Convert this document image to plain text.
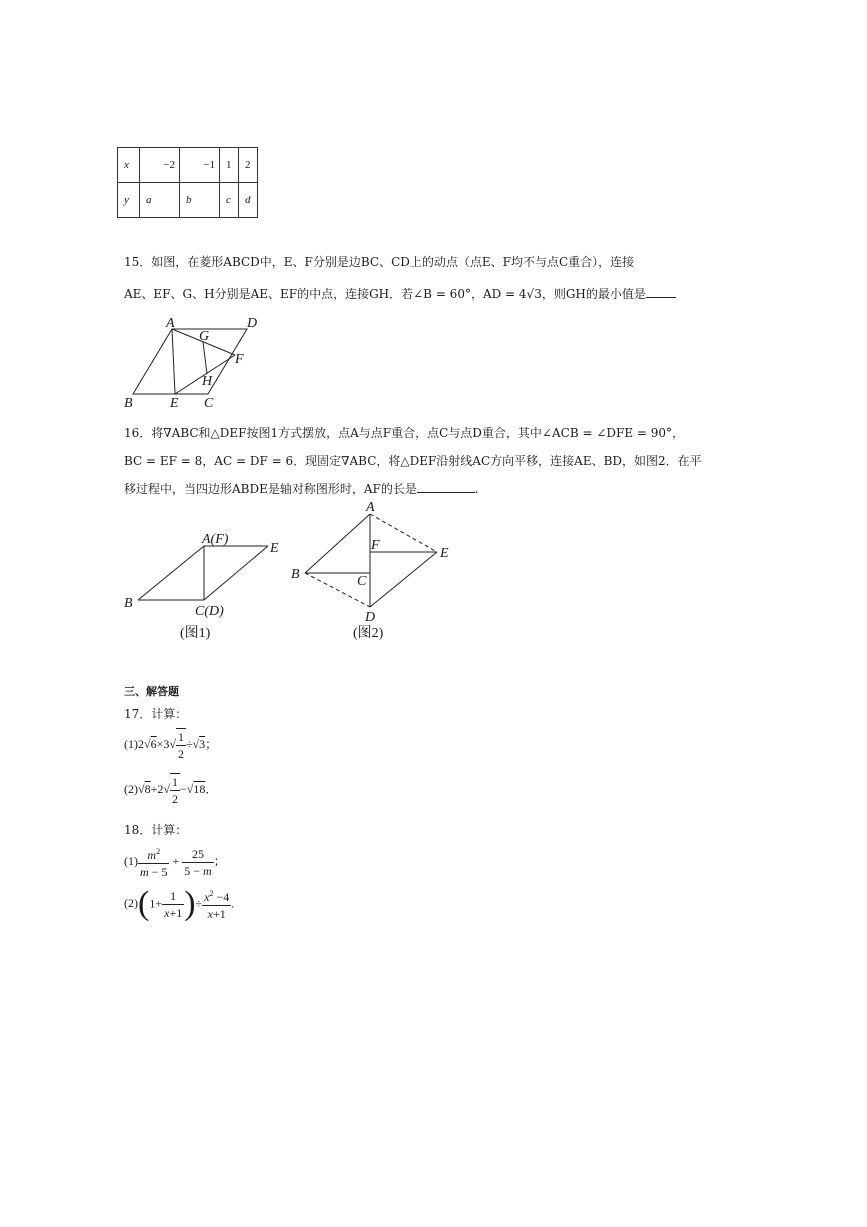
x	−2	−1	1	2
y	a	b	c	d
15．如图，在菱形ABCD中，E、F分别是边BC、CD上的动点（点E、F均不与点C重合），连接
AE、EF、G、H分别是AE、EF的中点，连接GH．若∠B = 60°，AD = 4√3，则GH的最小值是
A
G
D
F
H
B	E C
16．将∇ABC和△DEF按图1方式摆放，点A与点F重合，点C与点D重合，其中∠ACB = ∠DFE = 90°，
BC = EF = 8，AC = DF = 6．现固定∇ABC，将△DEF沿射线AC方向平移，连接AE、BD，如图2．在平
移过程中，当四边形ABDE是轴对称图形时，AF的长是	.
A(F)
E
B
C(D)
(图1)
A
F
E
B	C
D
(图2)
三、解答题
17．计算：
$(1)2√6\times 3√ \frac{1}{2} \div√3$；
$(2)√8+2√ \frac{1}{2} -√18$．
18．计算：
$(1) \frac{m^2}{m - 5} + \frac{25}{5 - m}$ ；
$(2)(1+ \frac{1}{x+1}$ )÷ $\frac{x^2 -4}{x+1}$ .
